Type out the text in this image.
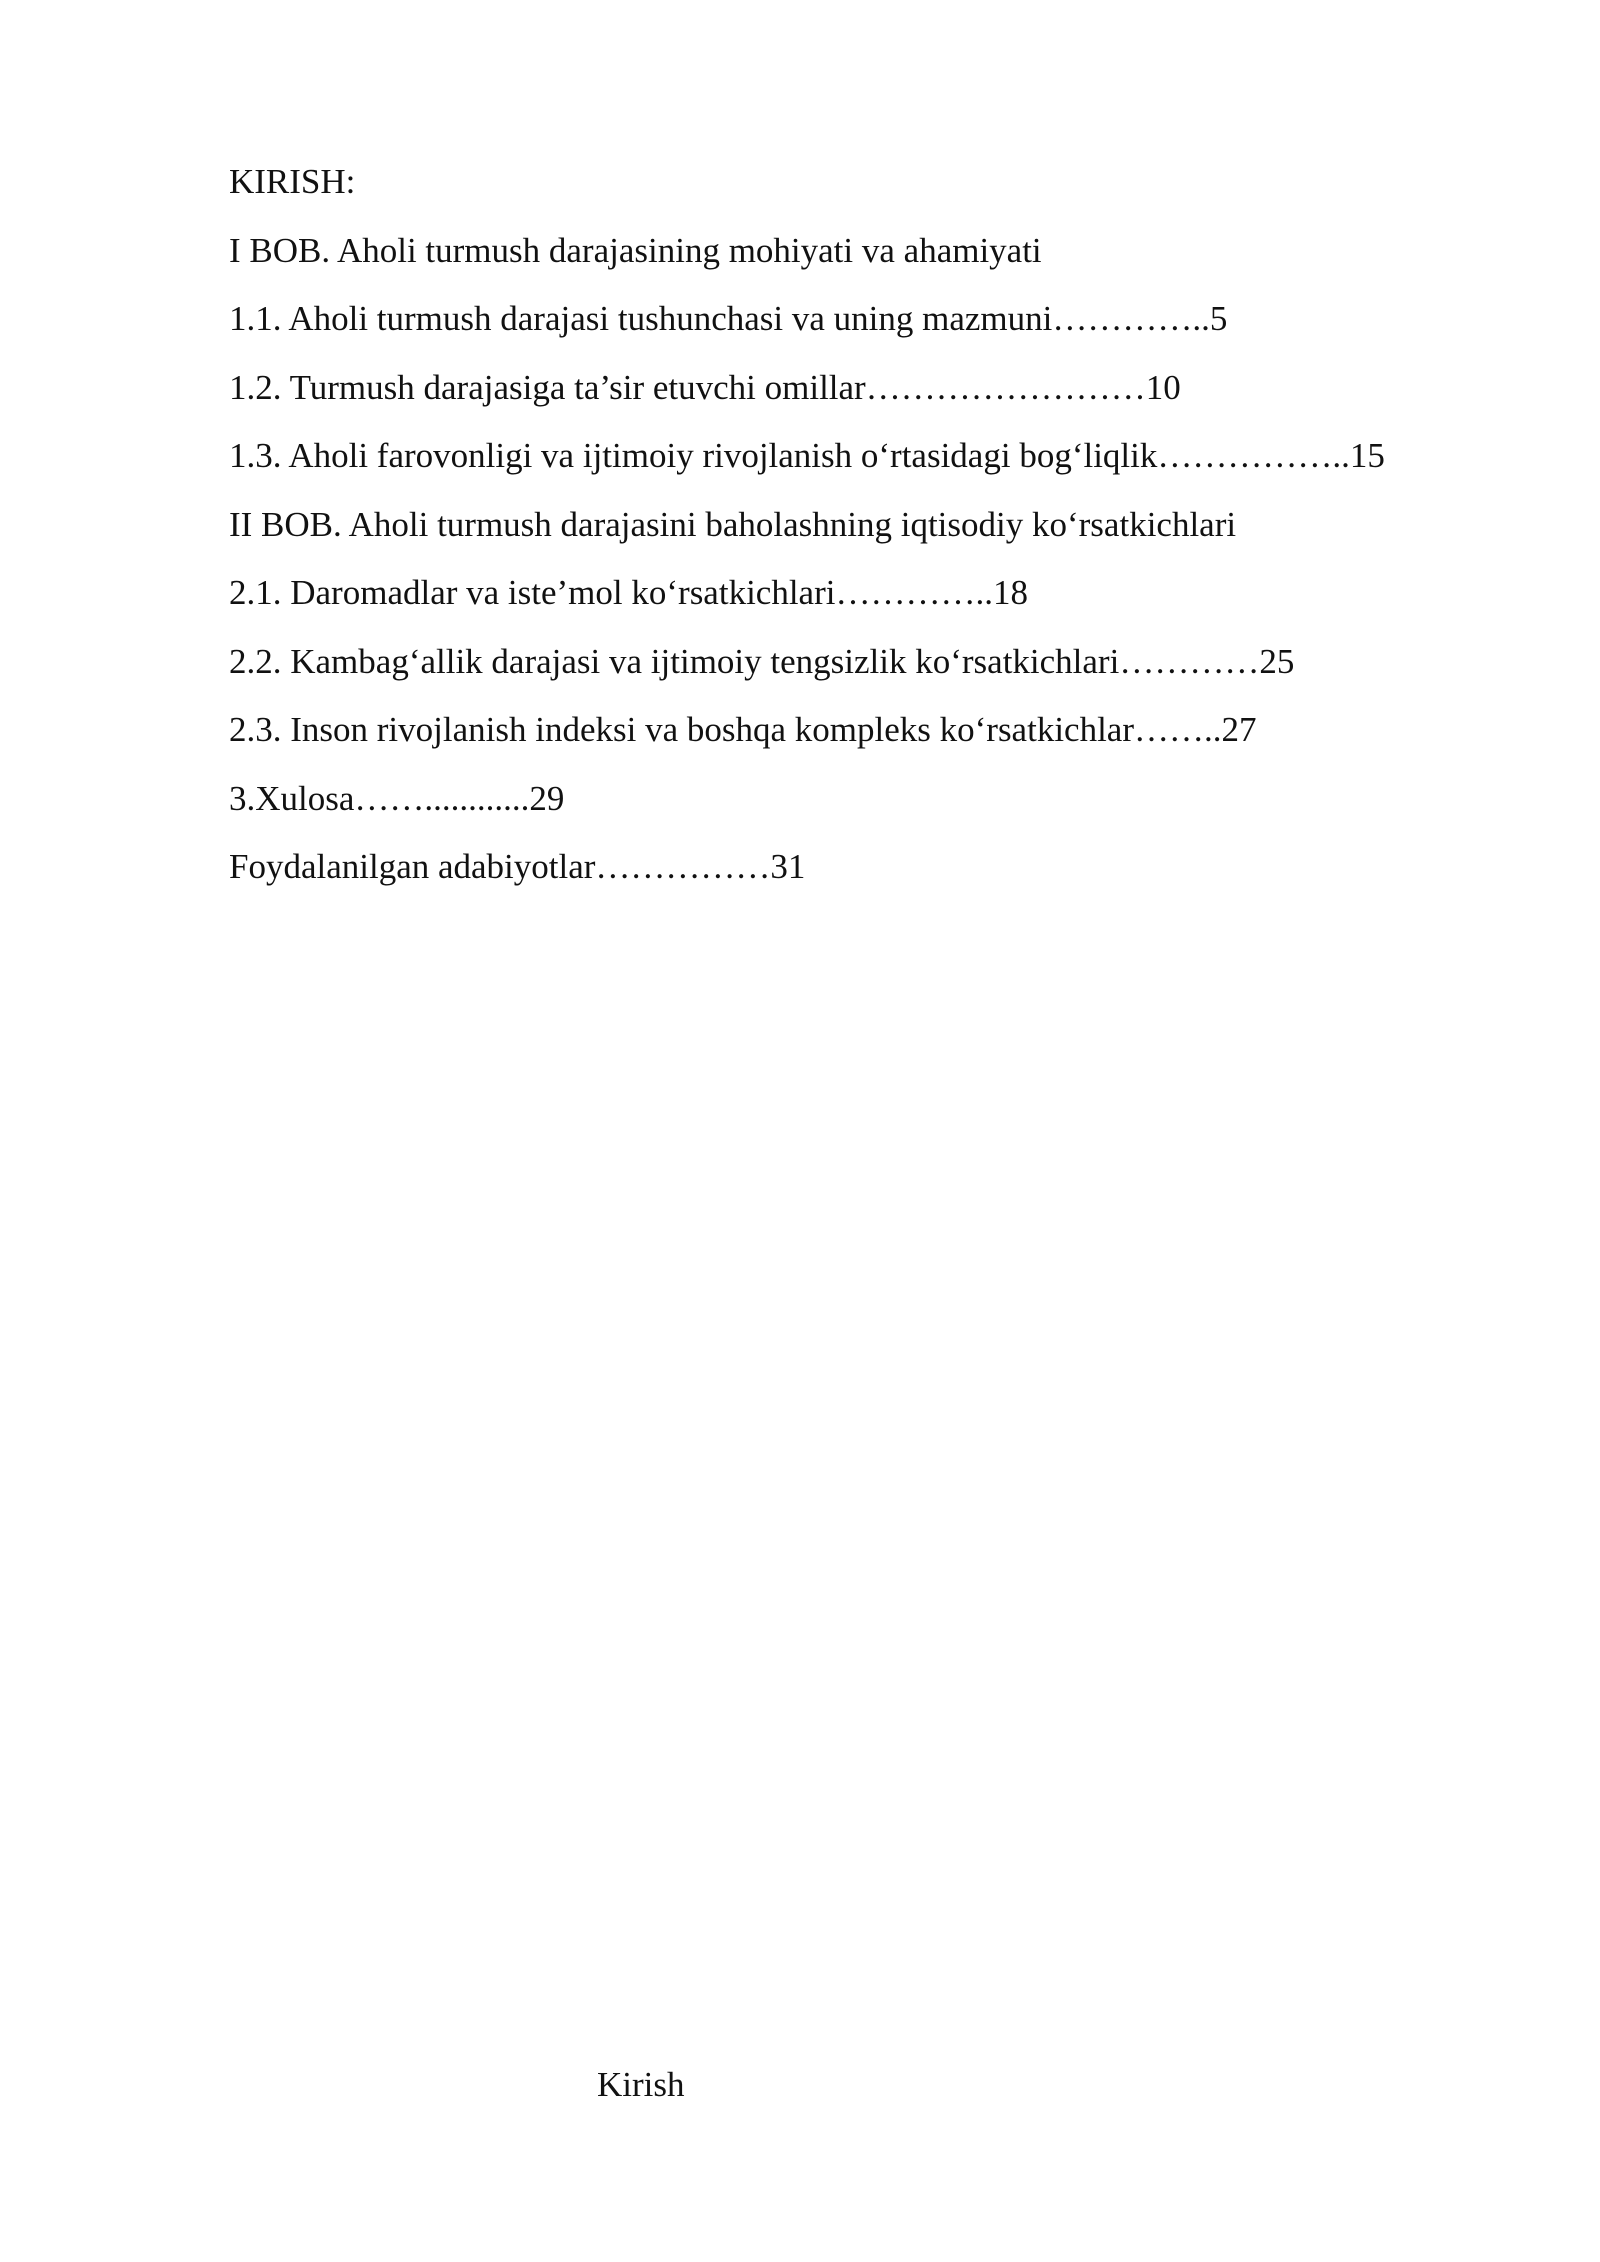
KIRISH:
I BOB. Aholi turmush darajasining mohiyati va ahamiyati
1.1. Aholi turmush darajasi tushunchasi va uning mazmuni…………..5
1.2. Turmush darajasiga ta’sir etuvchi omillar……………………10
1.3. Aholi farovonligi va ijtimoiy rivojlanish o‘rtasidagi bog‘liqlik……………..15
II BOB. Aholi turmush darajasini baholashning iqtisodiy ko‘rsatkichlari
2.1. Daromadlar va iste’mol ko‘rsatkichlari…………..18
2.2. Kambag‘allik darajasi va ijtimoiy tengsizlik ko‘rsatkichlari…………25
2.3. Inson rivojlanish indeksi va boshqa kompleks ko‘rsatkichlar……..27
3.Xulosa……............29
Foydalanilgan adabiyotlar……………31
Kirish
